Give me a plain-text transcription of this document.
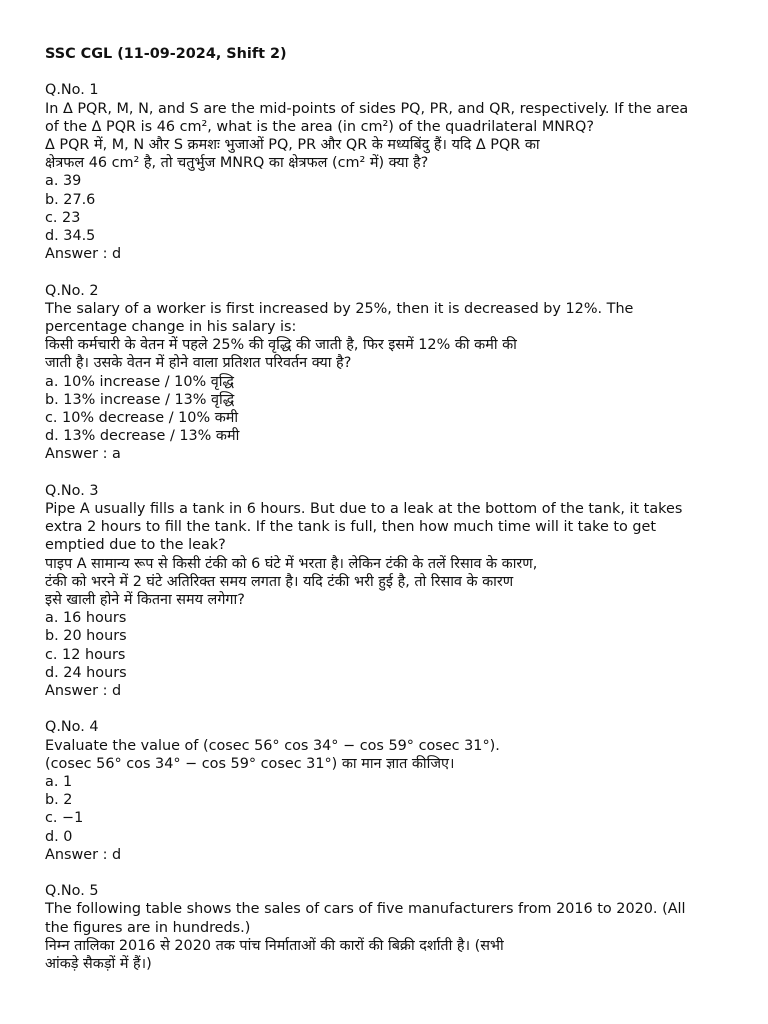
SSC CGL (11-09-2024, Shift 2)
Q.No. 1
In Δ PQR, M, N, and S are the mid-points of sides PQ, PR, and QR, respectively. If the area
of the Δ PQR is 46 cm², what is the area (in cm²) of the quadrilateral MNRQ?
Δ PQR में, M, N और S क्रमशः भुजाओं PQ, PR और QR के मध्यबिंदु हैं। यदि Δ PQR का
क्षेत्रफल 46 cm² है, तो चतुर्भुज MNRQ का क्षेत्रफल (cm² में) क्या है?
a. 39
b. 27.6
c. 23
d. 34.5
Answer : d
Q.No. 2
The salary of a worker is first increased by 25%, then it is decreased by 12%. The
percentage change in his salary is:
किसी कर्मचारी के वेतन में पहले 25% की वृद्धि की जाती है, फिर इसमें 12% की कमी की
जाती है। उसके वेतन में होने वाला प्रतिशत परिवर्तन क्या है?
a. 10% increase / 10% वृद्धि
b. 13% increase / 13% वृद्धि
c. 10% decrease / 10% कमी
d. 13% decrease / 13% कमी
Answer : a
Q.No. 3
Pipe A usually fills a tank in 6 hours. But due to a leak at the bottom of the tank, it takes
extra 2 hours to fill the tank. If the tank is full, then how much time will it take to get
emptied due to the leak?
पाइप A सामान्य रूप से किसी टंकी को 6 घंटे में भरता है। लेकिन टंकी के तलें रिसाव के कारण,
टंकी को भरने में 2 घंटे अतिरिक्त समय लगता है। यदि टंकी भरी हुई है, तो रिसाव के कारण
इसे खाली होने में कितना समय लगेगा?
a. 16 hours
b. 20 hours
c. 12 hours
d. 24 hours
Answer : d
Q.No. 4
Evaluate the value of (cosec 56° cos 34° − cos 59° cosec 31°).
(cosec 56° cos 34° − cos 59° cosec 31°) का मान ज्ञात कीजिए।
a. 1
b. 2
c. −1
d. 0
Answer : d
Q.No. 5
The following table shows the sales of cars of five manufacturers from 2016 to 2020. (All
the figures are in hundreds.)
निम्न तालिका 2016 से 2020 तक पांच निर्माताओं की कारों की बिक्री दर्शाती है। (सभी
आंकड़े सैकड़ों में हैं।)
